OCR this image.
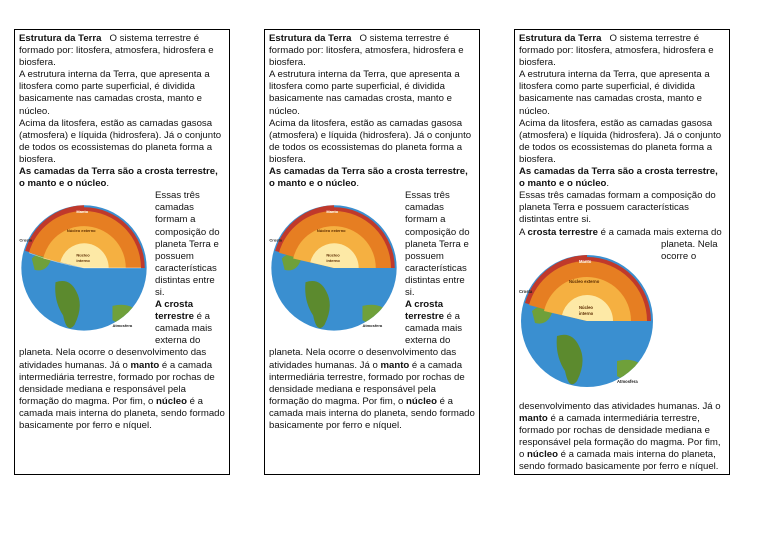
Estrutura da Terra O sistema terrestre é formado por: litosfera, atmosfera, hidrosfera e biosfera.

A estrutura interna da Terra, que apresenta a litosfera como parte superficial, é dividida basicamente nas camadas crosta, manto e núcleo.

Acima da litosfera, estão as camadas gasosa (atmosfera) e líquida (hidrosfera). Já o conjunto de todos os ecossistemas do planeta forma a biosfera.

As camadas da Terra são a crosta terrestre, o manto e o núcleo.

Manto
Núcleo externo
Núcleo
interno
Crosta
Atmosfera

Essas três camadas formam a composição do planeta Terra e possuem características distintas entre si.

A crosta terrestre é a camada mais externa do planeta. Nela ocorre o desenvolvimento das atividades humanas. Já o manto é a camada intermediária terrestre, formado por rochas de densidade mediana e responsável pela formação do magma. Por fim, o núcleo é a camada mais interna do planeta, sendo formado basicamente por ferro e níquel.

Estrutura da Terra O sistema terrestre é formado por: litosfera, atmosfera, hidrosfera e biosfera.

A estrutura interna da Terra, que apresenta a litosfera como parte superficial, é dividida basicamente nas camadas crosta, manto e núcleo.

Acima da litosfera, estão as camadas gasosa (atmosfera) e líquida (hidrosfera). Já o conjunto de todos os ecossistemas do planeta forma a biosfera.

As camadas da Terra são a crosta terrestre, o manto e o núcleo.

Manto
Núcleo externo
Núcleo
interno
Crosta
Atmosfera

Essas três camadas formam a composição do planeta Terra e possuem características distintas entre si.

A crosta terrestre é a camada mais externa do planeta. Nela ocorre o desenvolvimento das atividades humanas. Já o manto é a camada intermediária terrestre, formado por rochas de densidade mediana e responsável pela formação do magma. Por fim, o núcleo é a camada mais interna do planeta, sendo formado basicamente por ferro e níquel.

Estrutura da Terra O sistema terrestre é formado por: litosfera, atmosfera, hidrosfera e biosfera.

A estrutura interna da Terra, que apresenta a litosfera como parte superficial, é dividida basicamente nas camadas crosta, manto e núcleo.

Acima da litosfera, estão as camadas gasosa (atmosfera) e líquida (hidrosfera). Já o conjunto de todos os ecossistemas do planeta forma a biosfera.

As camadas da Terra são a crosta terrestre, o manto e o núcleo.

Essas três camadas formam a composição do planeta Terra e possuem características distintas entre si.

A crosta terrestre é a camada mais externa do

Manto
Núcleo externo
Núcleo
interno
Crosta
Atmosfera

planeta. Nela ocorre o desenvolvimento das atividades humanas. Já o manto é a camada intermediária terrestre, formado por rochas de densidade mediana e responsável pela formação do magma. Por fim, o núcleo é a camada mais interna do planeta, sendo formado basicamente por ferro e níquel.
